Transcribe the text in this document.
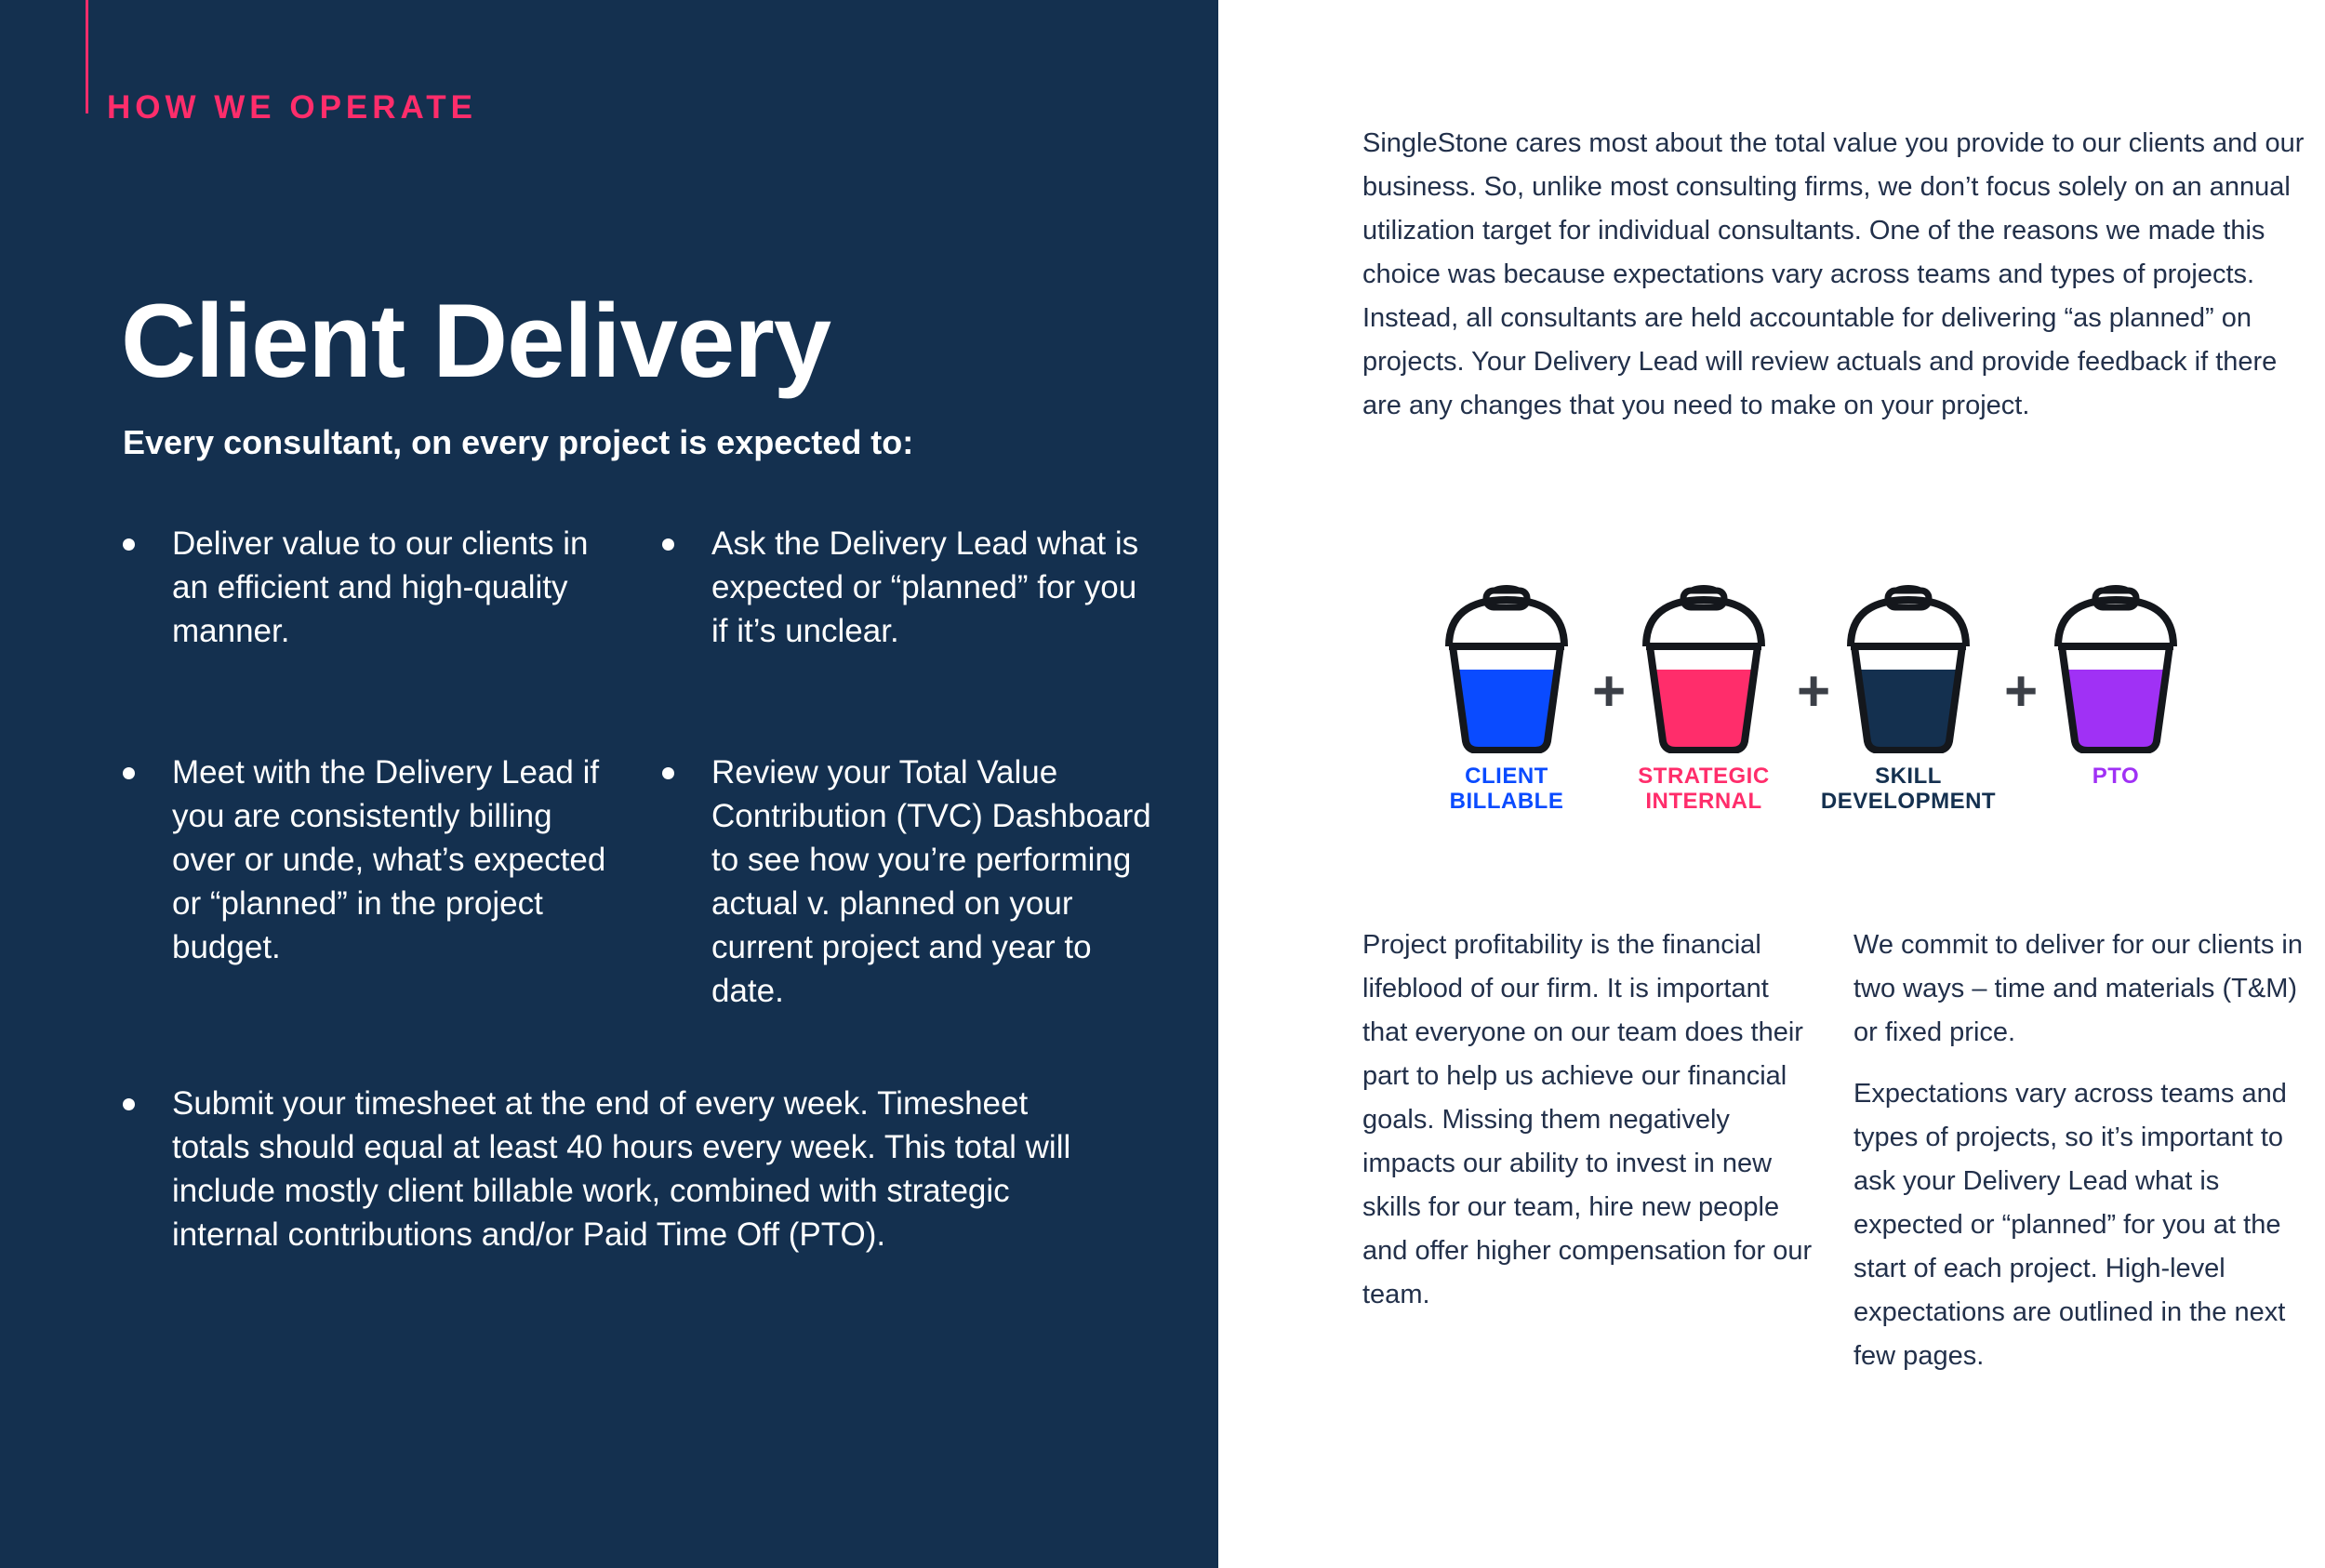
HOW WE OPERATE
Client Delivery

Every consultant, on every project is expected to:

Deliver value to our clients in an efficient and high-quality manner.
Ask the Delivery Lead what is expected or “planned” for you if it’s unclear.
Meet with the Delivery Lead if you are consistently billing over or unde, what’s expected or “planned” in the project budget.
Review your Total Value Contribution (TVC) Dashboard to see how you’re performing actual v. planned on your current project and year to date.
Submit your timesheet at the end of every week. Timesheet totals should equal at least 40 hours every week. This total will include mostly client billable work, combined with strategic internal contributions and/or Paid Time Off (PTO).

SingleStone cares most about the total value you provide to our clients and our business. So, unlike most consulting firms, we don’t focus solely on an annual utilization target for individual consultants. One of the reasons we made this choice was because expectations vary across teams and types of projects. Instead, all consultants are held accountable for delivering “as planned” on projects. Your Delivery Lead will review actuals and provide feedback if there are any changes that you need to make on your project.

CLIENT
BILLABLE
+
STRATEGIC
INTERNAL
+
SKILL
DEVELOPMENT
+
PTO

Project profitability is the financial lifeblood of our firm. It is important that everyone on our team does their part to help us achieve our financial goals. Missing them negatively impacts our ability to invest in new skills for our team, hire new people and offer higher compensation for our team.

We commit to deliver for our clients in two ways – time and materials (T&M) or fixed price.

Expectations vary across teams and types of projects, so it’s important to ask your Delivery Lead what is expected or “planned” for you at the start of each project. High-level expectations are outlined in the next few pages.
